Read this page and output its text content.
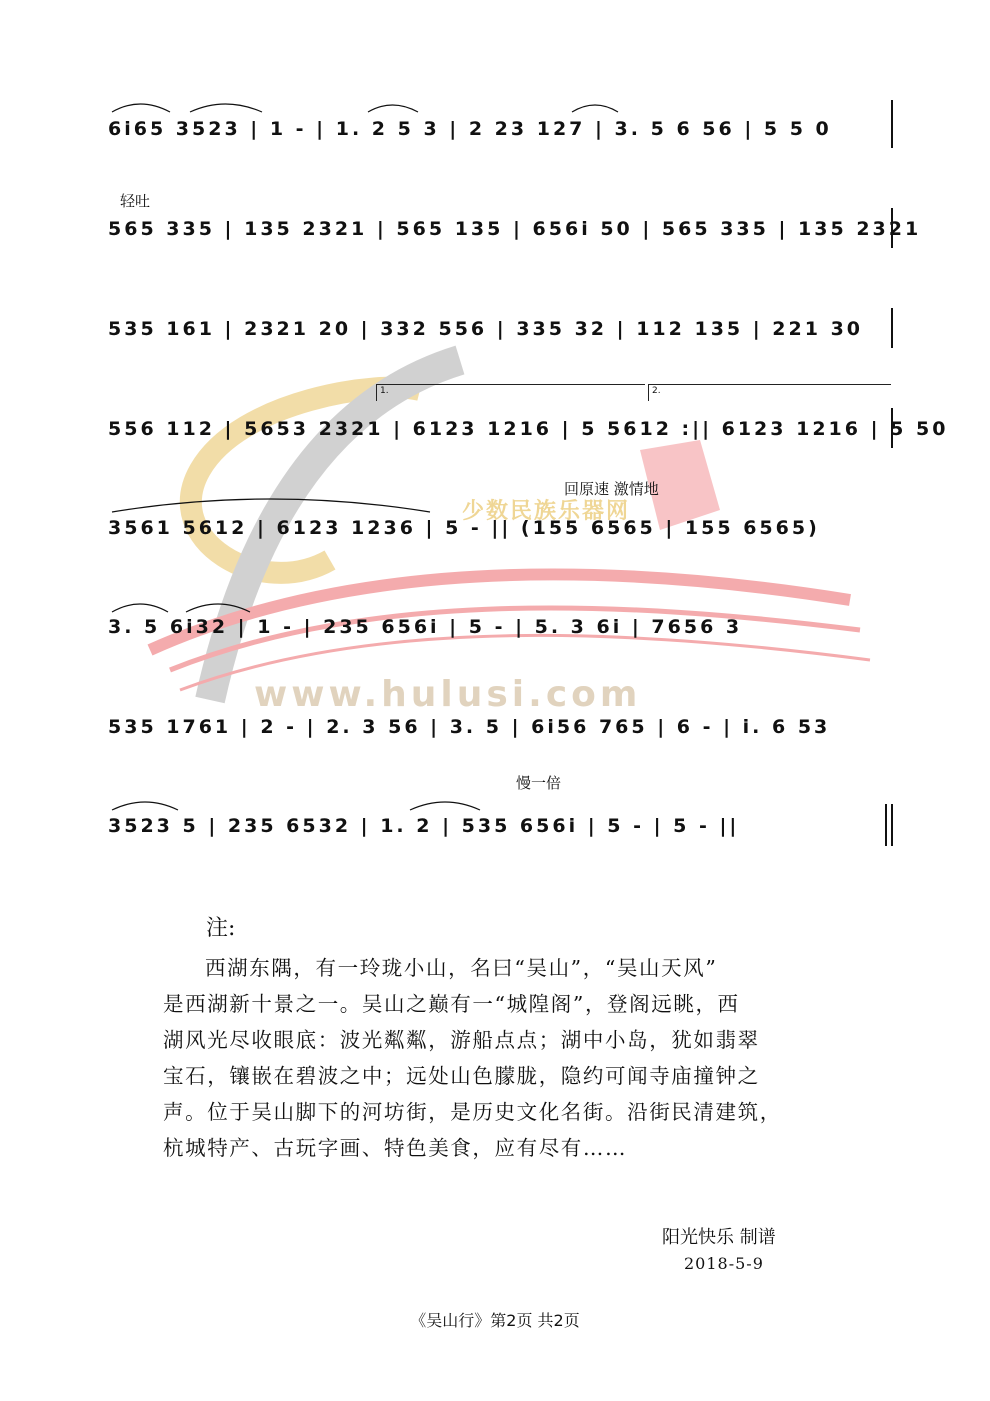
少数民族乐器网
www.hulusi.com
6i65 3523 | 1 - | 1. 2 5 3 | 2 23 127 | 3. 5 6 56 | 5 5 0
轻吐
565 335 | 135 2321 | 565 135 | 656i 50 | 565 335 | 135 2321
535 161 | 2321 20 | 332 556 | 335 32 | 112 135 | 221 30
1.	2.
556 112 | 5653 2321 | 6123 1216 | 5 5612 :|| 6123 1216 | 5 50
回原速 激情地
3561 5612 | 6123 1236 | 5 - || (155 6565 | 155 6565)
3. 5 6i32 | 1 - | 235 656i | 5 - | 5. 3 6i | 7656 3
535 1761 | 2 - | 2. 3 56 | 3. 5 | 6i56 765 | 6 - | i. 6 53
慢一倍
3523 5 | 235 6532 | 1. 2 | 535 656i | 5 - | 5 - ||
注:

西湖东隅，有一玲珑小山，名曰“吴山”，“吴山天风”

是西湖新十景之一。吴山之巅有一“城隍阁”，登阁远眺，西

湖风光尽收眼底：波光粼粼，游船点点；湖中小岛，犹如翡翠

宝石，镶嵌在碧波之中；远处山色朦胧，隐约可闻寺庙撞钟之

声。位于吴山脚下的河坊街，是历史文化名街。沿街民清建筑，

杭城特产、古玩字画、特色美食，应有尽有……

阳光快乐 制谱
2018-5-9
《吴山行》第2页 共2页
